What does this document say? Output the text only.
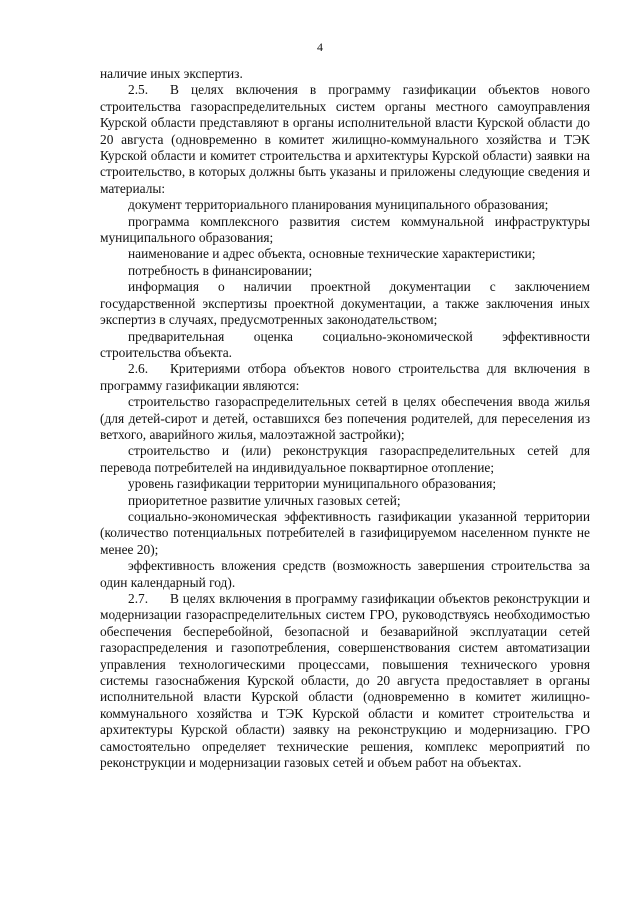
4

наличие иных экспертиз.

2.5. В целях включения в программу газификации объектов нового строительства газораспределительных систем органы местного самоуправления Курской области представляют в органы исполнительной власти Курской области до 20 августа (одновременно в комитет жилищно-коммунального хозяйства и ТЭК Курской области и комитет строительства и архитектуры Курской области) заявки на строительство, в которых должны быть указаны и приложены следующие сведения и материалы:

документ территориального планирования муниципального образования;

программа комплексного развития систем коммунальной инфраструктуры муниципального образования;

наименование и адрес объекта, основные технические характеристики;

потребность в финансировании;

информация о наличии проектной документации с заключением государственной экспертизы проектной документации, а также заключения иных экспертиз в случаях, предусмотренных законодательством;

предварительная оценка социально-экономической эффективности строительства объекта.

2.6. Критериями отбора объектов нового строительства для включения в программу газификации являются:

строительство газораспределительных сетей в целях обеспечения ввода жилья (для детей-сирот и детей, оставшихся без попечения родителей, для переселения из ветхого, аварийного жилья, малоэтажной застройки);

строительство и (или) реконструкция газораспределительных сетей для перевода потребителей на индивидуальное поквартирное отопление;

уровень газификации территории муниципального образования;

приоритетное развитие уличных газовых сетей;

социально-экономическая эффективность газификации указанной территории (количество потенциальных потребителей в газифицируемом населенном пункте не менее 20);

эффективность вложения средств (возможность завершения строительства за один календарный год).

2.7. В целях включения в программу газификации объектов реконструкции и модернизации газораспределительных систем ГРО, руководствуясь необходимостью обеспечения бесперебойной, безопасной и безаварийной эксплуатации сетей газораспределения и газопотребления, совершенствования систем автоматизации управления технологическими процессами, повышения технического уровня системы газоснабжения Курской области, до 20 августа предоставляет в органы исполнительной власти Курской области (одновременно в комитет жилищно- коммунального хозяйства и ТЭК Курской области и комитет строительства и архитектуры Курской области) заявку на реконструкцию и модернизацию. ГРО самостоятельно определяет технические решения, комплекс мероприятий по реконструкции и модернизации газовых сетей и объем работ на объектах.
